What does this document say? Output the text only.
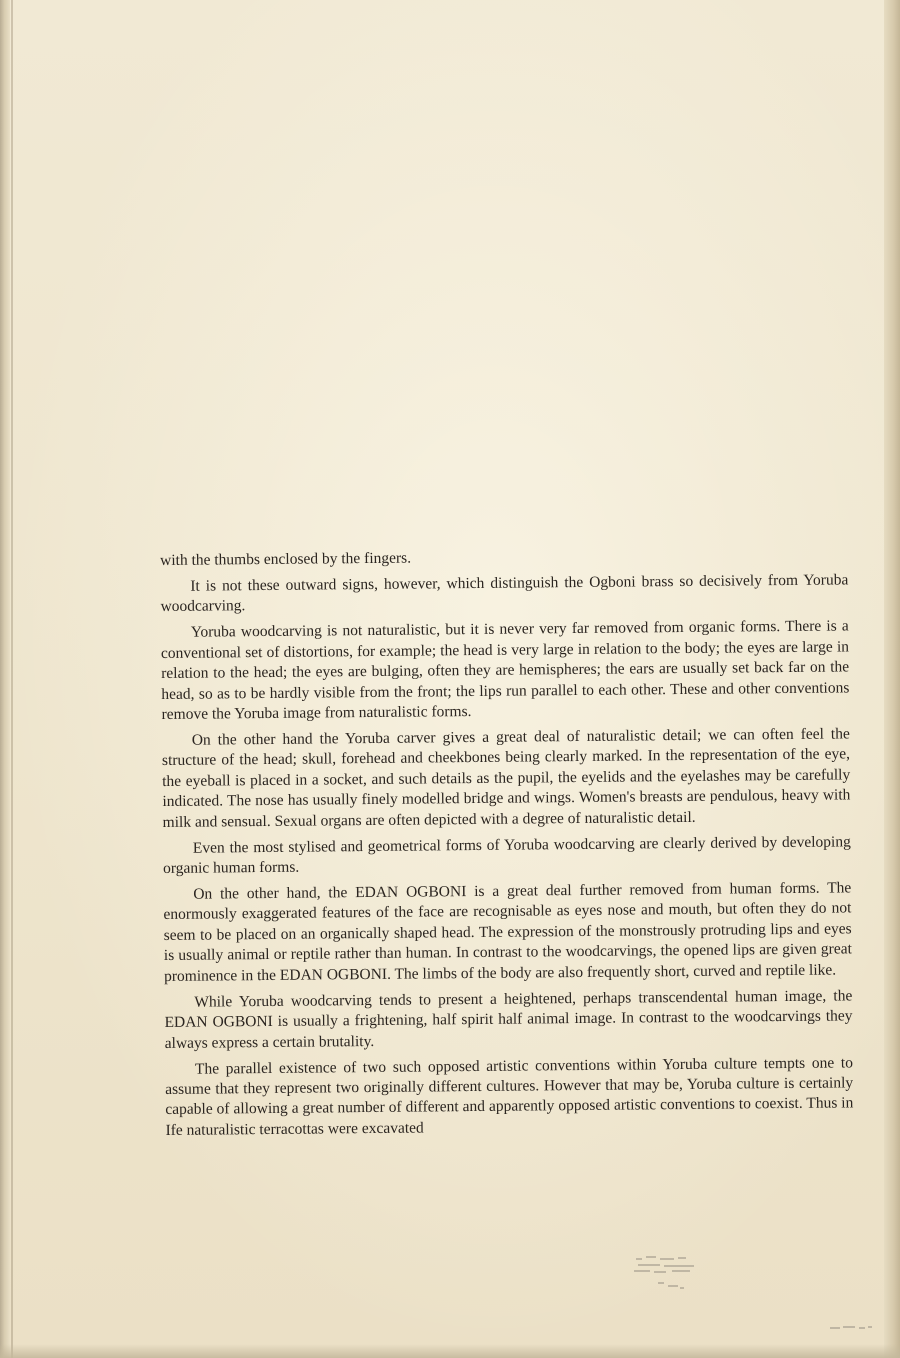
with the thumbs enclosed by the fingers.

It is not these outward signs, however, which distinguish the Ogboni brass so decisively from Yoruba woodcarving.

Yoruba woodcarving is not naturalistic, but it is never very far removed from organic forms. There is a conventional set of distortions, for example; the head is very large in relation to the body; the eyes are large in relation to the head; the eyes are bulging, often they are hemispheres; the ears are usually set back far on the head, so as to be hardly visible from the front; the lips run parallel to each other. These and other conventions remove the Yoruba image from naturalistic forms.

On the other hand the Yoruba carver gives a great deal of naturalistic detail; we can often feel the structure of the head; skull, forehead and cheekbones being clearly marked. In the representation of the eye, the eyeball is placed in a socket, and such details as the pupil, the eyelids and the eyelashes may be carefully indicated. The nose has usually finely modelled bridge and wings. Women's breasts are pendulous, heavy with milk and sensual. Sexual organs are often depicted with a degree of naturalistic detail.

Even the most stylised and geometrical forms of Yoruba woodcarving are clearly derived by developing organic human forms.

On the other hand, the EDAN OGBONI is a great deal further removed from human forms. The enormously exaggerated features of the face are recognisable as eyes nose and mouth, but often they do not seem to be placed on an organically shaped head. The expression of the monstrously protruding lips and eyes is usually animal or reptile rather than human. In contrast to the woodcarvings, the opened lips are given great prominence in the EDAN OGBONI. The limbs of the body are also frequently short, curved and reptile like.

While Yoruba woodcarving tends to present a heightened, perhaps transcendental human image, the EDAN OGBONI is usually a frightening, half spirit half animal image. In contrast to the woodcarvings they always express a certain brutality.

The parallel existence of two such opposed artistic conventions within Yoruba culture tempts one to assume that they represent two originally different cultures. However that may be, Yoruba culture is certainly capable of allowing a great number of different and apparently opposed artistic conventions to coexist. Thus in Ife naturalistic terracottas were excavated
